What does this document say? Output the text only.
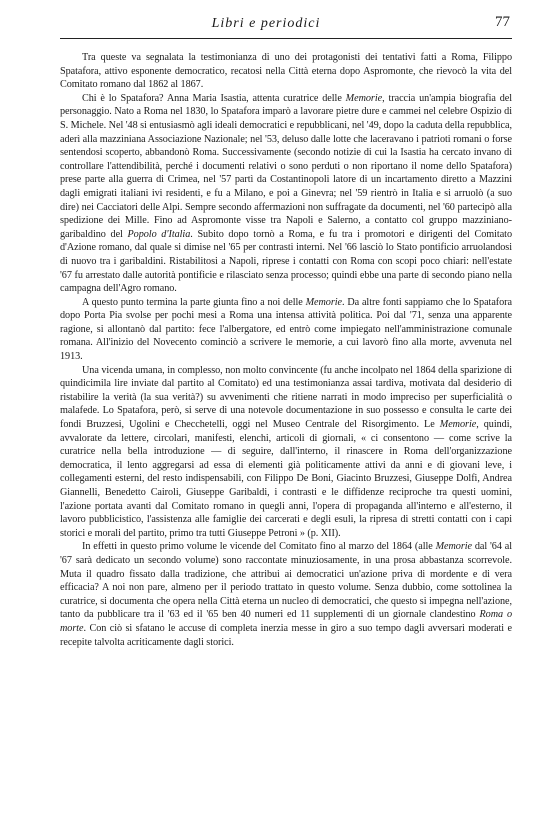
Libri e periodici	77

Tra queste va segnalata la testimonianza di uno dei protagonisti dei tentativi fatti a Roma, Filippo Spatafora, attivo esponente democratico, recatosi nella Città eterna dopo Aspromonte, che rievocò la vita del Comitato romano dal 1862 al 1867.

Chi è lo Spatafora? Anna Maria Isastia, attenta curatrice delle Memorie, traccia un'ampia biografia del personaggio. Nato a Roma nel 1830, lo Spatafora imparò a lavorare pietre dure e cammei nel celebre Ospizio di S. Michele. Nel '48 si entusiasmò agli ideali democratici e repubblicani, nel '49, dopo la caduta della repubblica, aderì alla mazziniana Associazione Nazionale; nel '53, deluso dalle lotte che laceravano i patrioti romani o forse sentendosi scoperto, abbandonò Roma. Successivamente (secondo notizie di cui la Isastia ha cercato invano di controllare l'attendibilità, perché i documenti relativi o sono perduti o non riportano il nome dello Spatafora) prese parte alla guerra di Crimea, nel '57 partì da Costantinopoli latore di un incartamento diretto a Mazzini dagli emigrati italiani ivi residenti, e fu a Milano, e poi a Ginevra; nel '59 rientrò in Italia e si arruolò (a suo dire) nei Cacciatori delle Alpi. Sempre secondo affermazioni non suffragate da documenti, nel '60 partecipò alla spedizione dei Mille. Fino ad Aspromonte visse tra Napoli e Salerno, a contatto col gruppo mazziniano-garibaldino del Popolo d'Italia. Subito dopo tornò a Roma, e fu tra i promotori e dirigenti del Comitato d'Azione romano, dal quale si dimise nel '65 per contrasti interni. Nel '66 lasciò lo Stato pontificio arruolandosi di nuovo tra i garibaldini. Ristabilitosi a Napoli, riprese i contatti con Roma con scopi poco chiari: nell'estate '67 fu arrestato dalle autorità pontificie e rilasciato senza processo; quindi ebbe una parte di secondo piano nella campagna dell'Agro romano.

A questo punto termina la parte giunta fino a noi delle Memorie. Da altre fonti sappiamo che lo Spatafora dopo Porta Pia svolse per pochi mesi a Roma una intensa attività politica. Poi dal '71, senza una apparente ragione, si allontanò dal partito: fece l'albergatore, ed entrò come impiegato nell'amministrazione comunale romana. All'inizio del Novecento cominciò a scrivere le memorie, a cui lavorò fino alla morte, avvenuta nel 1913.

Una vicenda umana, in complesso, non molto convincente (fu anche incolpato nel 1864 della sparizione di quindicimila lire inviate dal partito al Comitato) ed una testimonianza assai tardiva, motivata dal desiderio di ristabilire la verità (la sua verità?) su avvenimenti che ritiene narrati in modo impreciso per superficialità o malafede. Lo Spatafora, però, si serve di una notevole documentazione in suo possesso e consulta le carte dei fondi Bruzzesi, Ugolini e Checchetelli, oggi nel Museo Centrale del Risorgimento. Le Memorie, quindi, avvalorate da lettere, circolari, manifesti, elenchi, articoli di giornali, « ci consentono — come scrive la curatrice nella bella introduzione — di seguire, dall'interno, il rinascere in Roma dell'organizzazione democratica, il lento aggregarsi ad essa di elementi già politicamente attivi da anni e di giovani leve, i collegamenti esterni, del resto indispensabili, con Filippo De Boni, Giacinto Bruzzesi, Giuseppe Dolfi, Andrea Giannelli, Benedetto Cairoli, Giuseppe Garibaldi, i contrasti e le diffidenze reciproche tra questi uomini, l'azione portata avanti dal Comitato romano in quegli anni, l'opera di propaganda all'interno e all'esterno, il lavoro pubblicistico, l'assistenza alle famiglie dei carcerati e degli esuli, la ripresa di stretti contatti con i capi storici e morali del partito, primo tra tutti Giuseppe Petroni » (p. XII).

In effetti in questo primo volume le vicende del Comitato fino al marzo del 1864 (alle Memorie dal '64 al '67 sarà dedicato un secondo volume) sono raccontate minuziosamente, in una prosa abbastanza scorrevole. Muta il quadro fissato dalla tradizione, che attribui ai democratici un'azione priva di mordente e di vera efficacia? A noi non pare, almeno per il periodo trattato in questo volume. Senza dubbio, come sottolinea la curatrice, si documenta che opera nella Città eterna un nucleo di democratici, che questo si impegna nell'azione, tanto da pubblicare tra il '63 ed il '65 ben 40 numeri ed 11 supplementi di un giornale clandestino Roma o morte. Con ciò si sfatano le accuse di completa inerzia messe in giro a suo tempo dagli avversari moderati e recepite talvolta acriticamente dagli storici.
